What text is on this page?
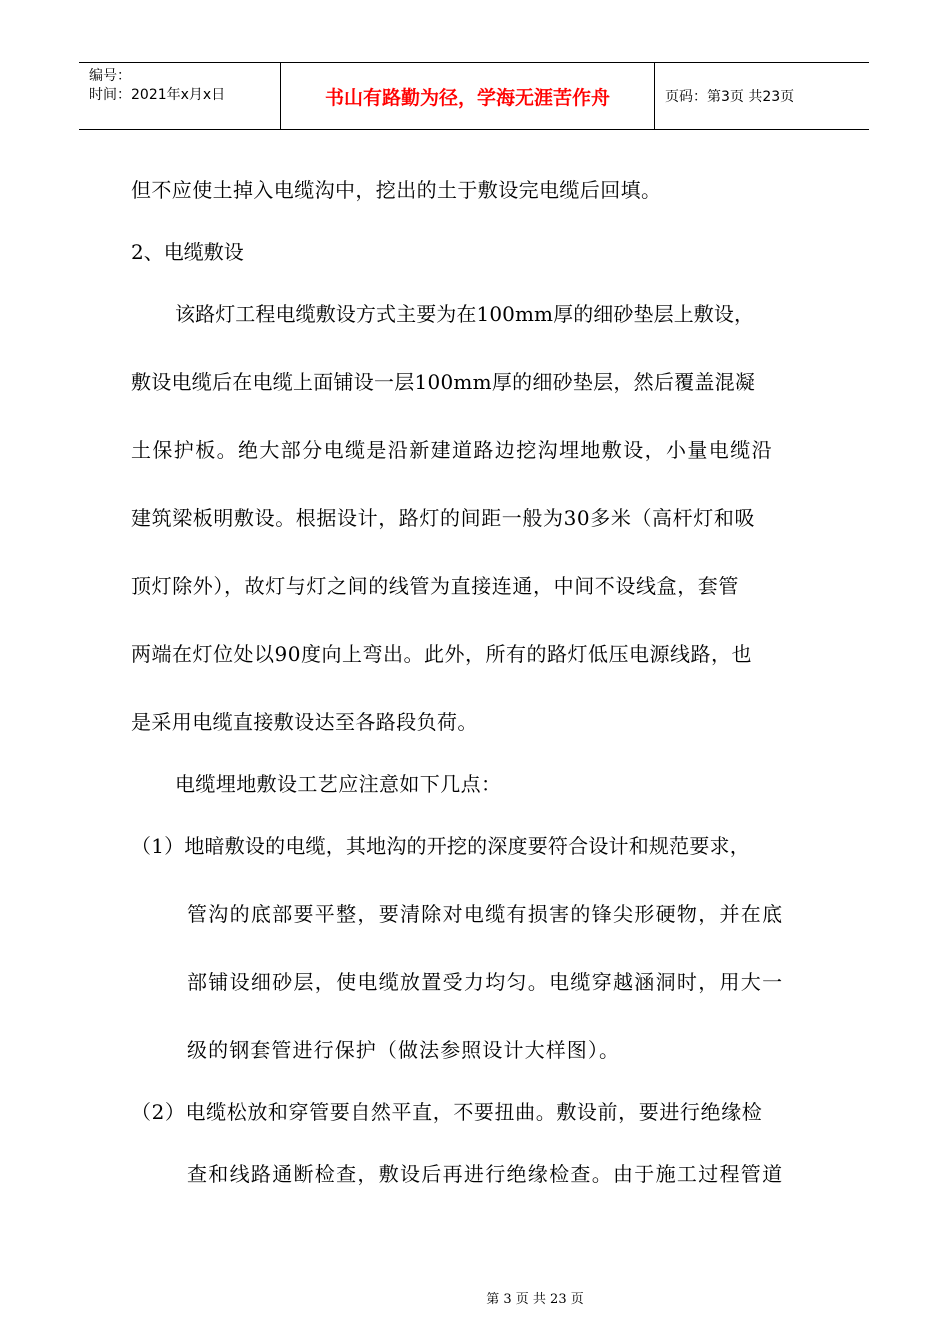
编号：
时间：2021年x月x日	书山有路勤为径，学海无涯苦作舟	页码：第3页 共23页
但不应使土掉入电缆沟中，挖出的土于敷设完电缆后回填。
2、电缆敷设
该路灯工程电缆敷设方式主要为在100mm厚的细砂垫层上敷设，
敷设电缆后在电缆上面铺设一层100mm厚的细砂垫层，然后覆盖混凝
土保护板。绝大部分电缆是沿新建道路边挖沟埋地敷设，小量电缆沿
建筑梁板明敷设。根据设计，路灯的间距一般为30多米（高杆灯和吸
顶灯除外），故灯与灯之间的线管为直接连通，中间不设线盒，套管
两端在灯位处以90度向上弯出。此外，所有的路灯低压电源线路，也
是采用电缆直接敷设达至各路段负荷。
电缆埋地敷设工艺应注意如下几点：
（1）地暗敷设的电缆，其地沟的开挖的深度要符合设计和规范要求，
管沟的底部要平整，要清除对电缆有损害的锋尖形硬物，并在底
部铺设细砂层，使电缆放置受力均匀。电缆穿越涵洞时，用大一
级的钢套管进行保护（做法参照设计大样图）。
（2）电缆松放和穿管要自然平直，不要扭曲。敷设前，要进行绝缘检
查和线路通断检查，敷设后再进行绝缘检查。由于施工过程管道
第 3 页 共 23 页
